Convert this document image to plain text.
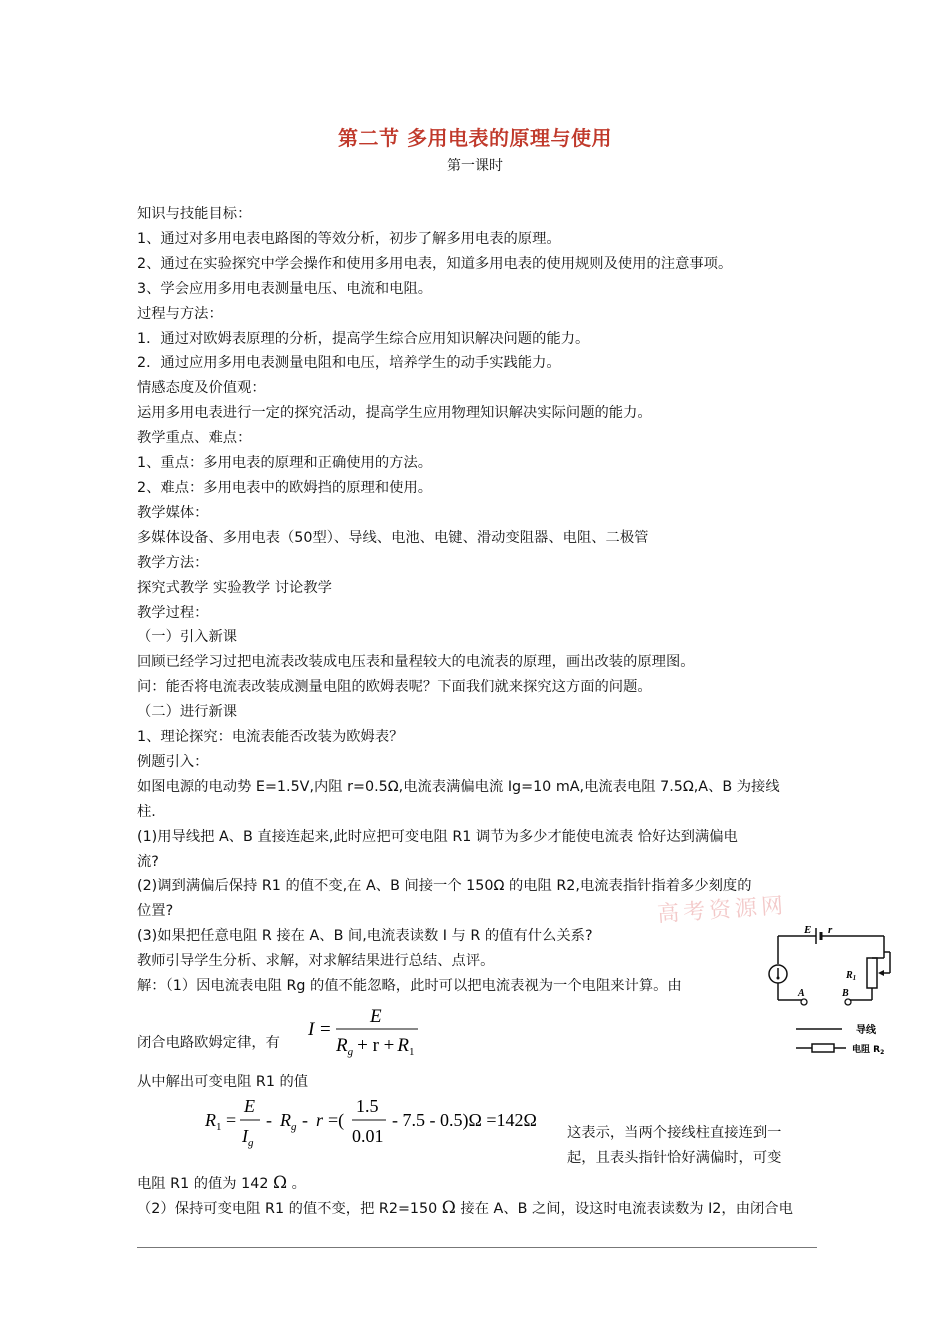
第二节 多用电表的原理与使用
第一课时
知识与技能目标：
1、通过对多用电表电路图的等效分析，初步了解多用电表的原理。
2、通过在实验探究中学会操作和使用多用电表，知道多用电表的使用规则及使用的注意事项。
3、学会应用多用电表测量电压、电流和电阻。
过程与方法：
1．通过对欧姆表原理的分析，提高学生综合应用知识解决问题的能力。
2．通过应用多用电表测量电阻和电压，培养学生的动手实践能力。
情感态度及价值观：
运用多用电表进行一定的探究活动，提高学生应用物理知识解决实际问题的能力。
教学重点、难点：
1、重点：多用电表的原理和正确使用的方法。
2、难点：多用电表中的欧姆挡的原理和使用。
教学媒体：
多媒体设备、多用电表（50型）、导线、电池、电键、滑动变阻器、电阻、二极管
教学方法：
探究式教学 实验教学 讨论教学
教学过程：
（一）引入新课
回顾已经学习过把电流表改装成电压表和量程较大的电流表的原理，画出改装的原理图。
问：能否将电流表改装成测量电阻的欧姆表呢？下面我们就来探究这方面的问题。
（二）进行新课
1、理论探究：电流表能否改装为欧姆表？
例题引入：
如图电源的电动势 E=1.5V,内阻 r=0.5Ω,电流表满偏电流 Ig=10 mA,电流表电阻 7.5Ω,A、B 为接线
柱.
(1)用导线把 A、B 直接连起来,此时应把可变电阻 R1 调节为多少才能使电流表 恰好达到满偏电
流?
(2)调到满偏后保持 R1 的值不变,在 A、B 间接一个 150Ω 的电阻 R2,电流表指针指着多少刻度的
位置?
(3)如果把任意电阻 R 接在 A、B 间,电流表读数 I 与 R 的值有什么关系?
教师引导学生分析、求解，对求解结果进行总结、点评。
解：（1）因电流表电阻 Rg 的值不能忽略，此时可以把电流表视为一个电阻来计算。由
高考资源网
E r
$R_1$
A	B
导线
电阻 $R_2$
I =
E
$R_g + r + R_1$
闭合电路欧姆定律，有
从中解出可变电阻 R1 的值
$R_1$ =
E
$I_g$
- $R_g$ - r =(
1.5
0.01
- 7.5 - 0.5)Ω =142Ω
这表示，当两个接线柱直接连到一
起，且表头指针恰好满偏时，可变
电阻 R1 的值为 142 Ω 。
（2）保持可变电阻 R1 的值不变，把 R2=150 Ω 接在 A、B 之间，设这时电流表读数为 I2，由闭合电
